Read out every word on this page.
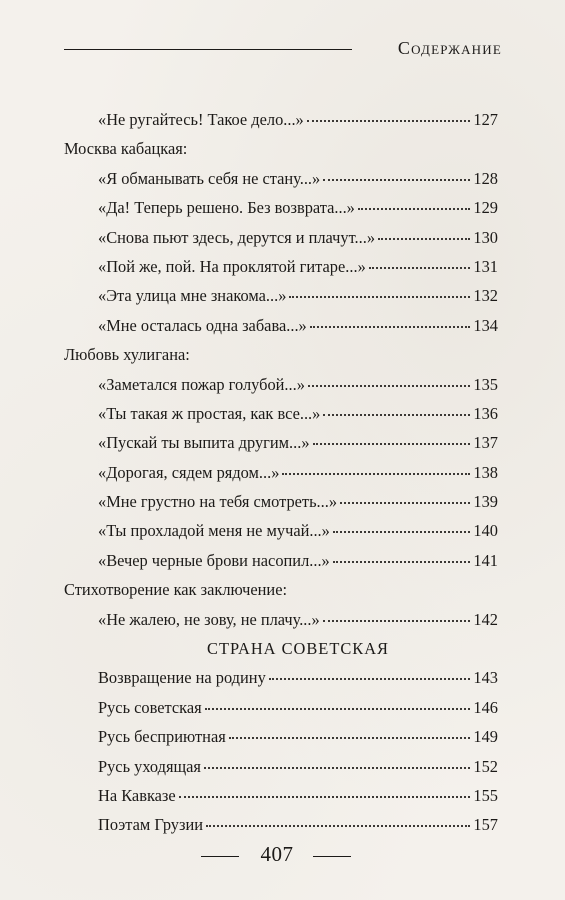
Содержание
«Не ругайтесь! Такое дело...»	127
Москва кабацкая:
«Я обманывать себя не стану...»	128
«Да! Теперь решено. Без возврата...»	129
«Снова пьют здесь, дерутся и плачут...»	130
«Пой же, пой. На проклятой гитаре...»	131
«Эта улица мне знакома...»	132
«Мне осталась одна забава...»	134
Любовь хулигана:
«Заметался пожар голубой...»	135
«Ты такая ж простая, как все...»	136
«Пускай ты выпита другим...»	137
«Дорогая, сядем рядом...»	138
«Мне грустно на тебя смотреть...»	139
«Ты прохладой меня не мучай...»	140
«Вечер черные брови насопил...»	141
Стихотворение как заключение:
«Не жалею, не зову, не плачу...»	142
СТРАНА СОВЕТСКАЯ
Возвращение на родину	143
Русь советская	146
Русь бесприютная	149
Русь уходящая	152
На Кавказе	155
Поэтам Грузии	157
407
